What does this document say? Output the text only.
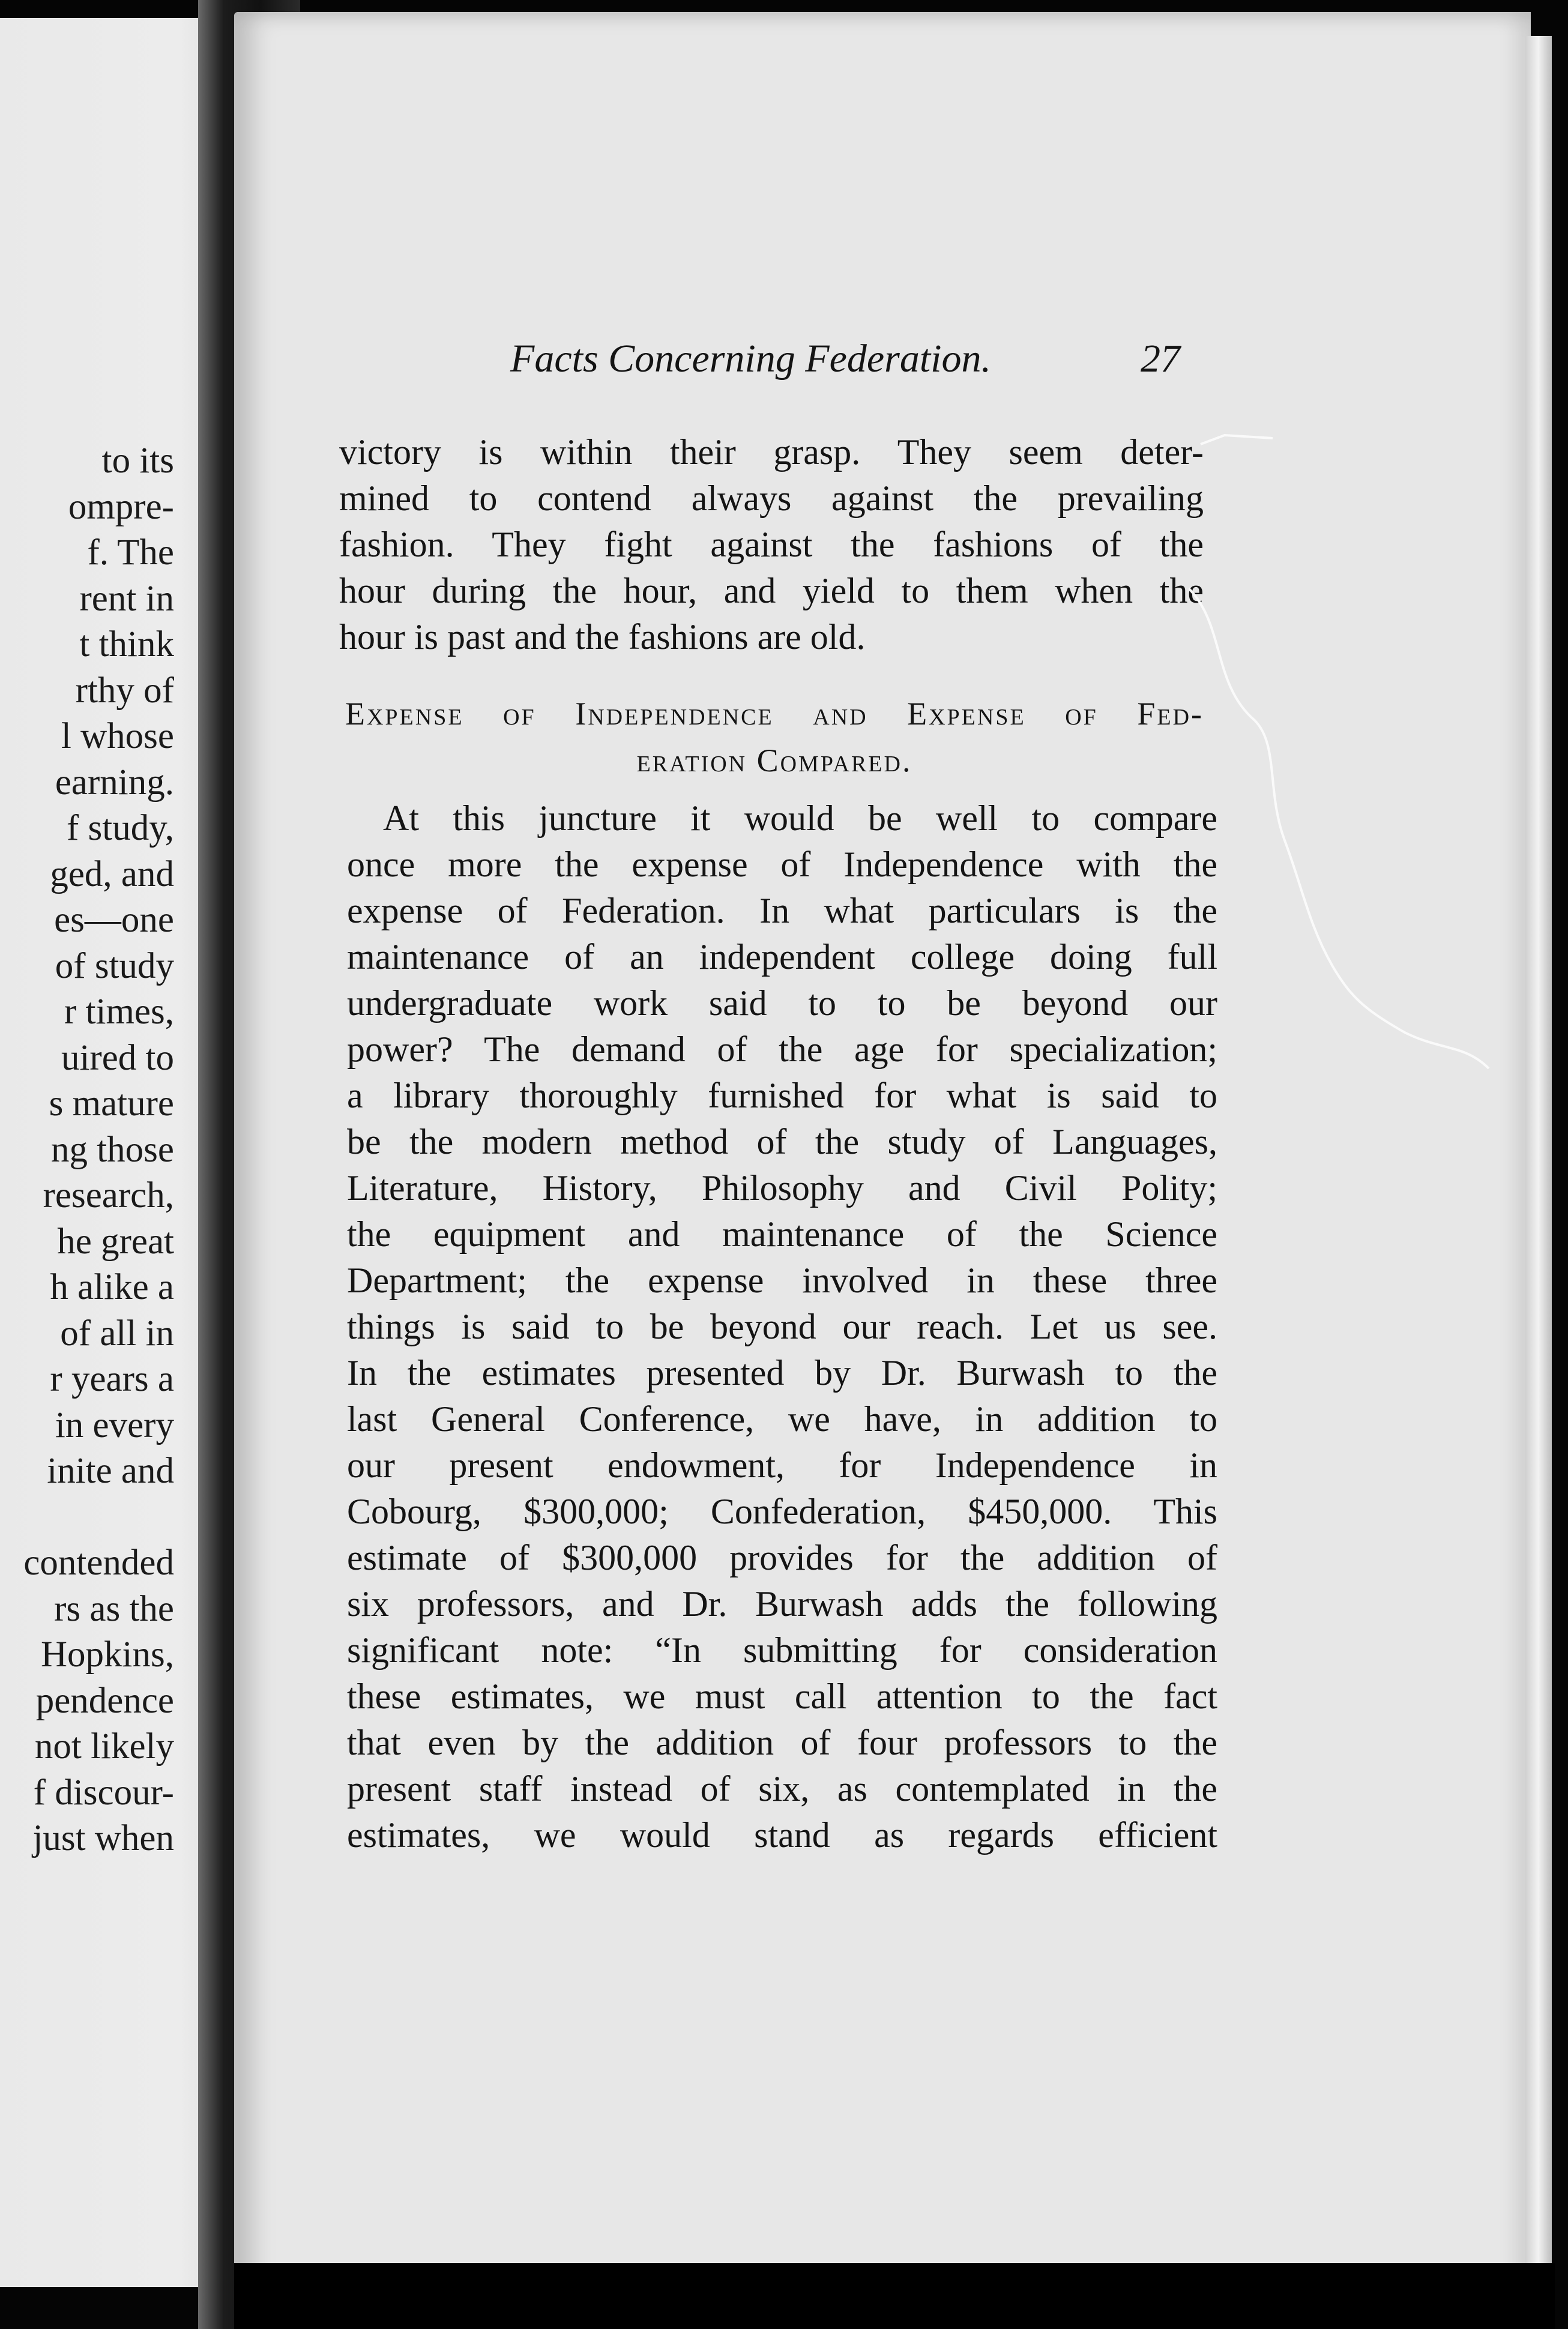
to its
ompre-
f. The
rent in
t think
rthy of
l whose
earning.
f study,
ged, and
es—one
of study
r times,
uired to
s mature
ng those
research,
he great
h alike a
of all in
r years a
in every
inite and
contended
rs as the
Hopkins,
pendence
not likely
f discour-
just when
Facts Concerning Federation.	27
victory is within their grasp. They seem deter-
mined to contend always against the prevailing
fashion. They fight against the fashions of the
hour during the hour, and yield to them when the
hour is past and the fashions are old.
Expense of Independence and Expense of Fed-
eration Compared.
At this juncture it would be well to compare
once more the expense of Independence with the
expense of Federation. In what particulars is the
maintenance of an independent college doing full
undergraduate work said to to be beyond our
power? The demand of the age for specialization;
a library thoroughly furnished for what is said to
be the modern method of the study of Languages,
Literature, History, Philosophy and Civil Polity;
the equipment and maintenance of the Science
Department; the expense involved in these three
things is said to be beyond our reach. Let us see.
In the estimates presented by Dr. Burwash to the
last General Conference, we have, in addition to
our present endowment, for Independence in
Cobourg, $300,000; Confederation, $450,000. This
estimate of $300,000 provides for the addition of
six professors, and Dr. Burwash adds the following
significant note: “In submitting for consideration
these estimates, we must call attention to the fact
that even by the addition of four professors to the
present staff instead of six, as contemplated in the
estimates, we would stand as regards efficient
